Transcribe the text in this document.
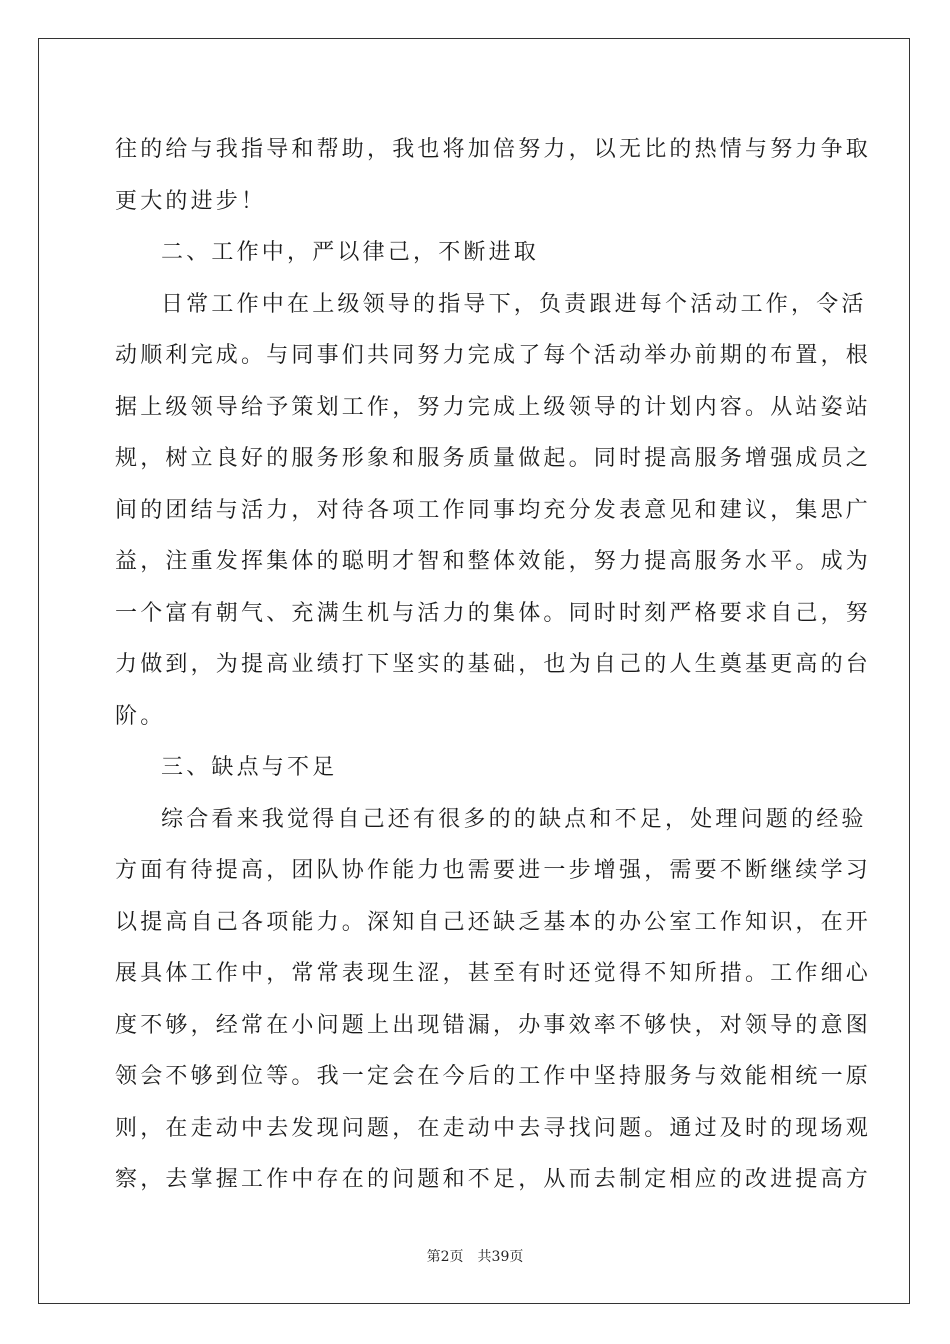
往的给与我指导和帮助，我也将加倍努力，以无比的热情与努力争取
更大的进步！
二、工作中，严以律己，不断进取
日常工作中在上级领导的指导下，负责跟进每个活动工作，令活
动顺利完成。与同事们共同努力完成了每个活动举办前期的布置，根
据上级领导给予策划工作，努力完成上级领导的计划内容。从站姿站
规，树立良好的服务形象和服务质量做起。同时提高服务增强成员之
间的团结与活力，对待各项工作同事均充分发表意见和建议，集思广
益，注重发挥集体的聪明才智和整体效能，努力提高服务水平。成为
一个富有朝气、充满生机与活力的集体。同时时刻严格要求自己，努
力做到，为提高业绩打下坚实的基础，也为自己的人生奠基更高的台
阶。
三、缺点与不足
综合看来我觉得自己还有很多的的缺点和不足，处理问题的经验
方面有待提高，团队协作能力也需要进一步增强，需要不断继续学习
以提高自己各项能力。深知自己还缺乏基本的办公室工作知识，在开
展具体工作中，常常表现生涩，甚至有时还觉得不知所措。工作细心
度不够，经常在小问题上出现错漏，办事效率不够快，对领导的意图
领会不够到位等。我一定会在今后的工作中坚持服务与效能相统一原
则，在走动中去发现问题，在走动中去寻找问题。通过及时的现场观
察，去掌握工作中存在的问题和不足，从而去制定相应的改进提高方
第2页 共39页
